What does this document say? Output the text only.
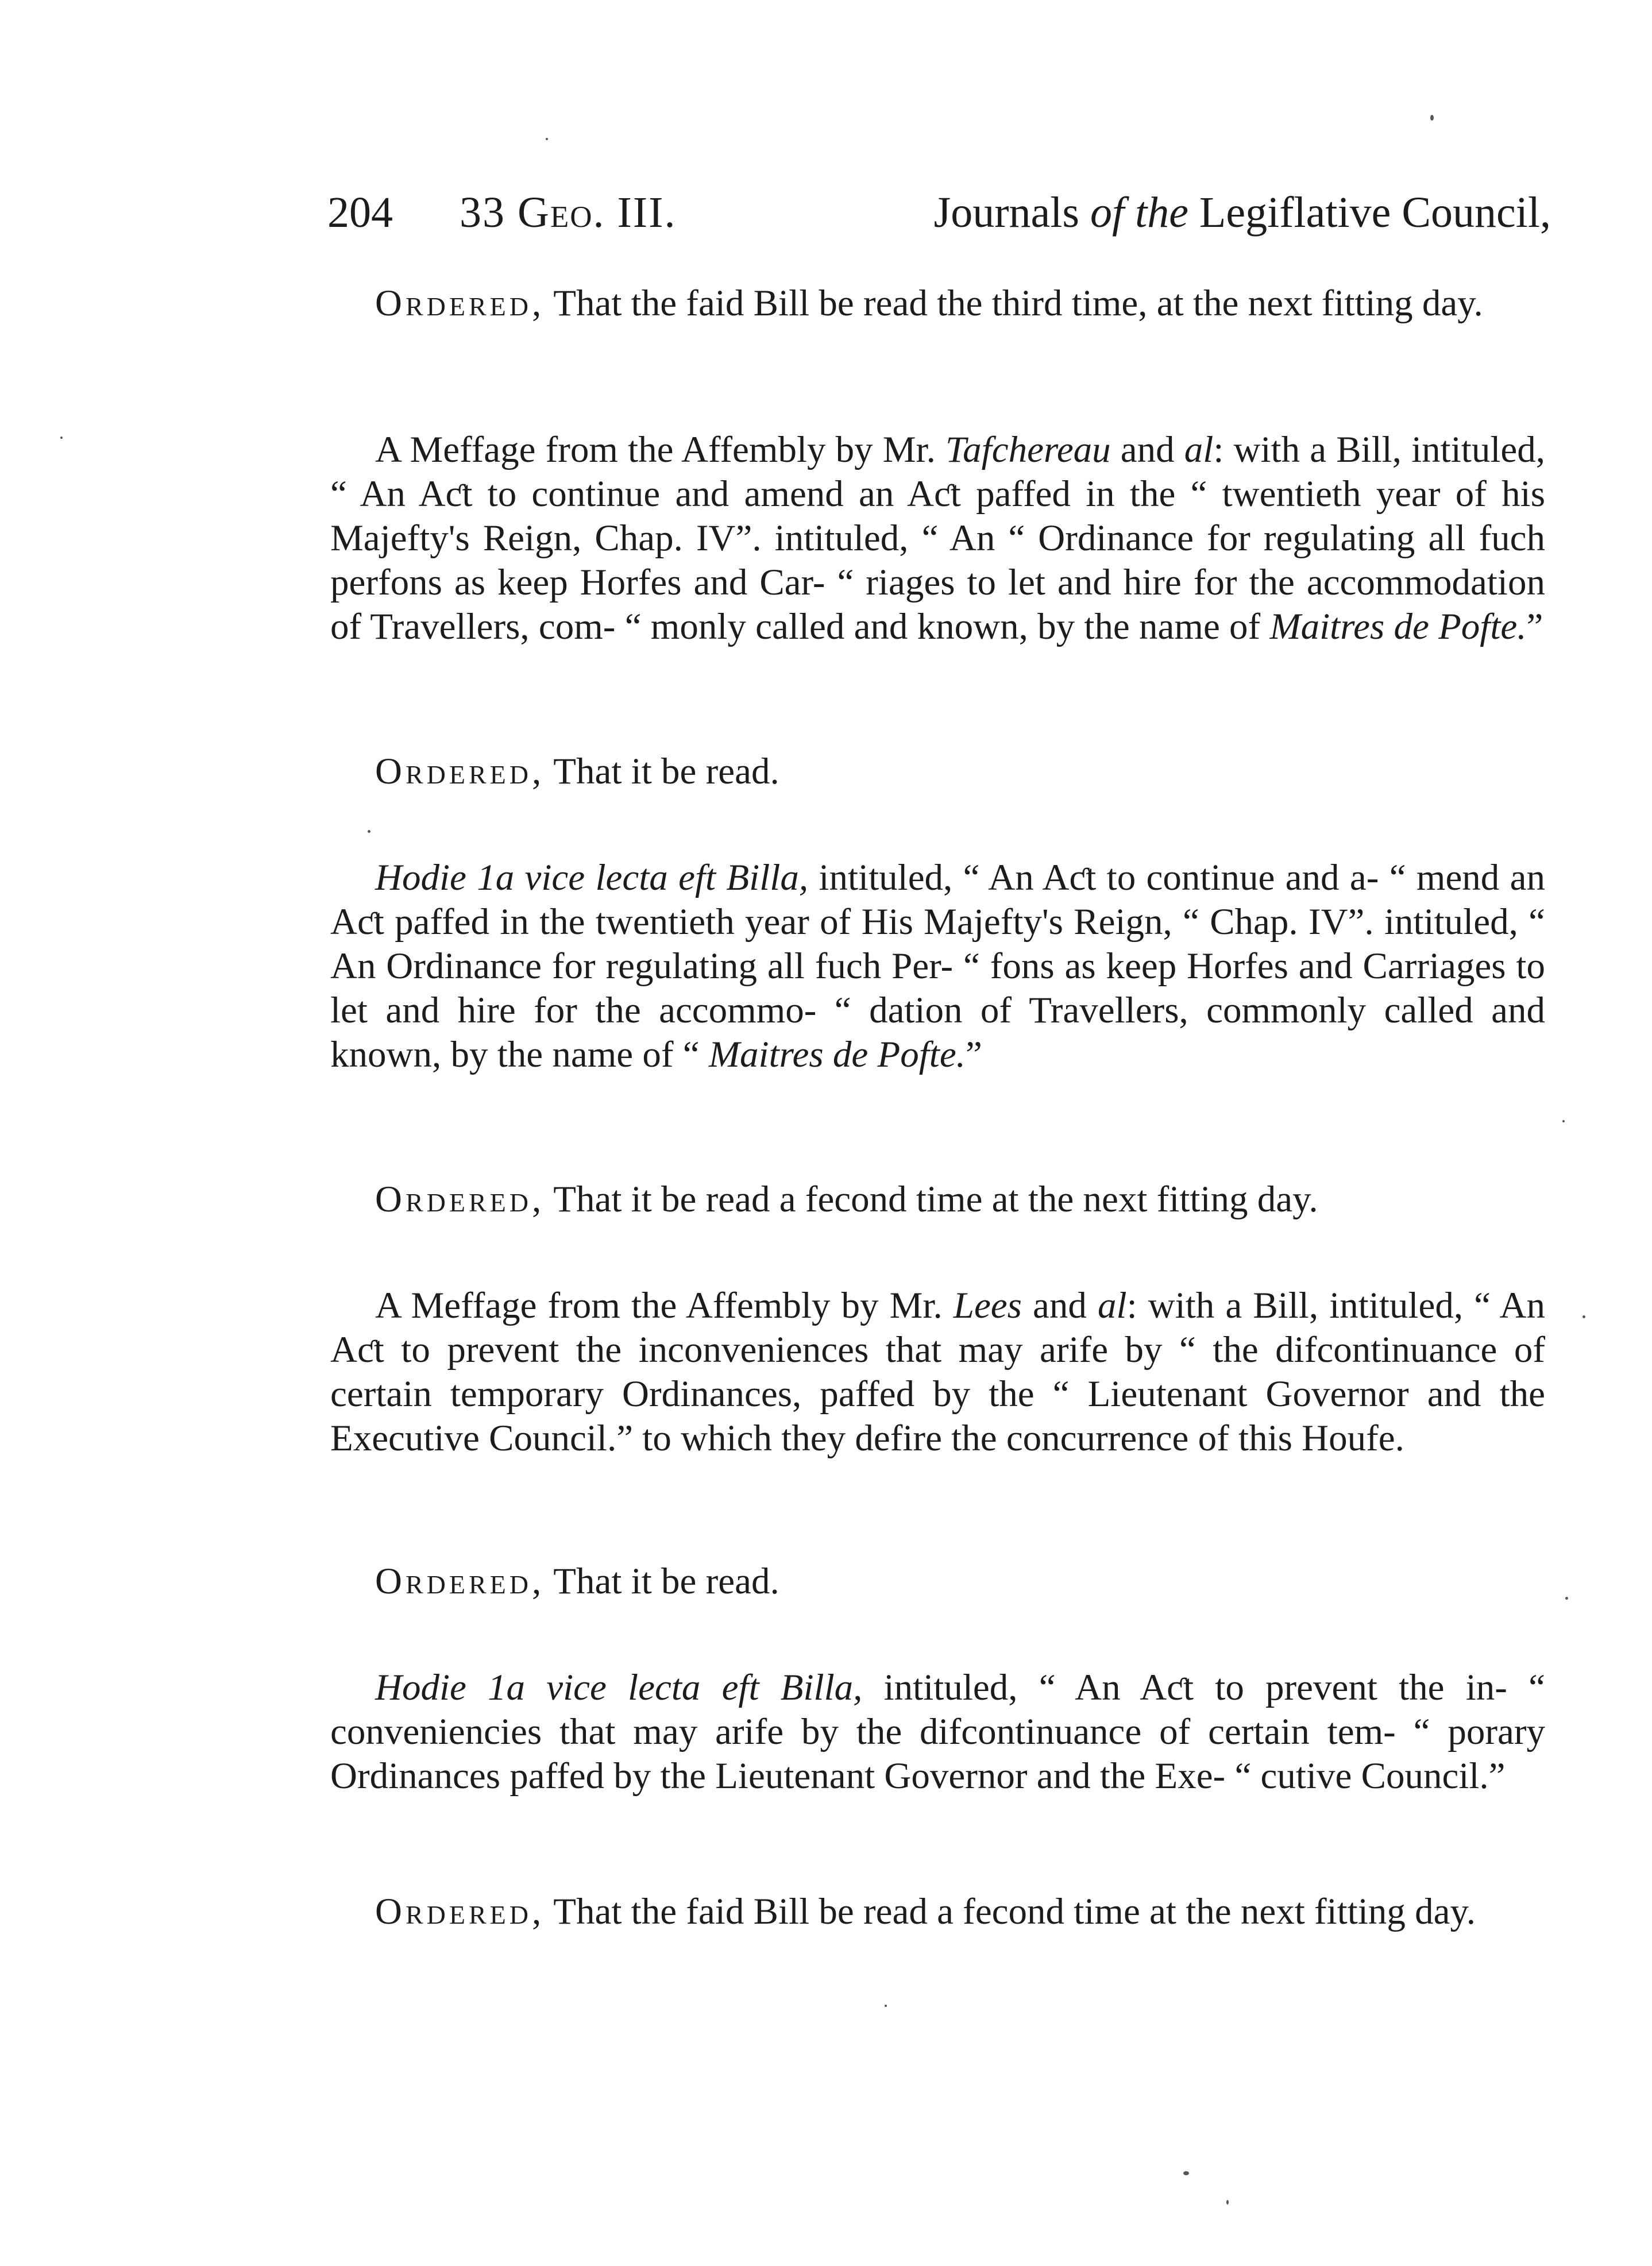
204 33 Geo. III.	Journals of the Legiflative Council,

Ordered, That the faid Bill be read the third time, at the next fitting day.

A Meffage from the Affembly by Mr. Tafchereau and al: with a Bill, intituled, “ An Aƈt to continue and amend an Aƈt paffed in the “ twentieth year of his Majefty's Reign, Chap. IV”. intituled, “ An “ Ordinance for regulating all fuch perfons as keep Horfes and Car- “ riages to let and hire for the accommodation of Travellers, com- “ monly called and known, by the name of Maitres de Pofte.”

Ordered, That it be read.

Hodie 1a vice lecta eft Billa, intituled, “ An Aƈt to continue and a- “ mend an Aƈt paffed in the twentieth year of His Majefty's Reign, “ Chap. IV”. intituled, “ An Ordinance for regulating all fuch Per- “ fons as keep Horfes and Carriages to let and hire for the accommo- “ dation of Travellers, commonly called and known, by the name of “ Maitres de Pofte.”

Ordered, That it be read a fecond time at the next fitting day.

A Meffage from the Affembly by Mr. Lees and al: with a Bill, intituled, “ An Aƈt to prevent the inconveniences that may arife by “ the difcontinuance of certain temporary Ordinances, paffed by the “ Lieutenant Governor and the Executive Council.” to which they defire the concurrence of this Houfe.

Ordered, That it be read.

Hodie 1a vice lecta eft Billa, intituled, “ An Aƈt to prevent the in- “ conveniencies that may arife by the difcontinuance of certain tem- “ porary Ordinances paffed by the Lieutenant Governor and the Exe- “ cutive Council.”

Ordered, That the faid Bill be read a fecond time at the next fitting day.
